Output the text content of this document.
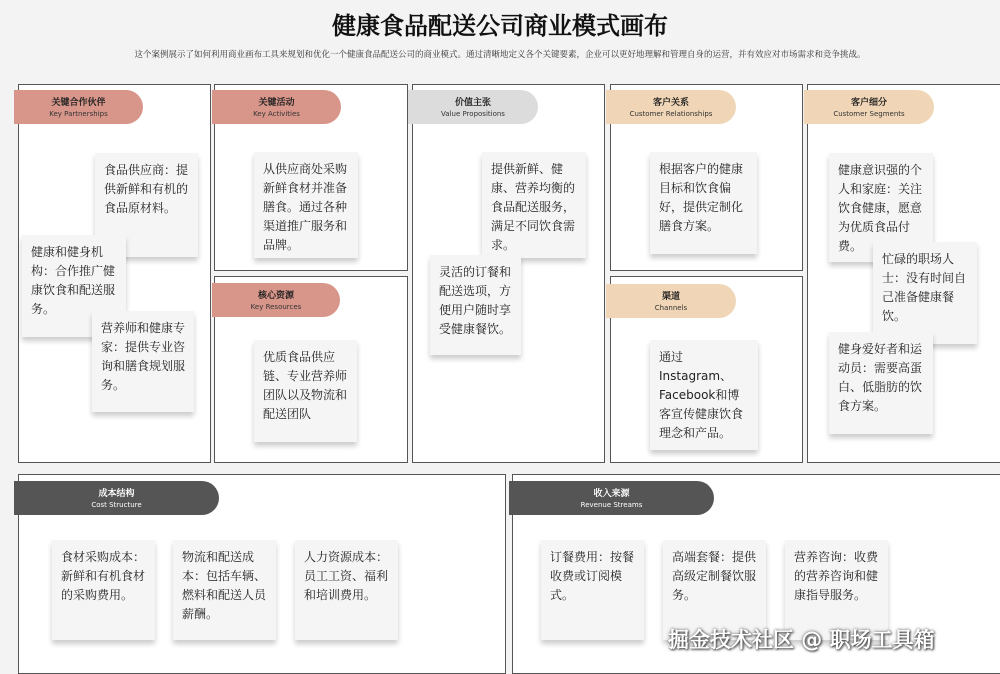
健康食品配送公司商业模式画布
这个案例展示了如何利用商业画布工具来规划和优化一个健康食品配送公司的商业模式。通过清晰地定义各个关键要素，企业可以更好地理解和管理自身的运营，并有效应对市场需求和竞争挑战。
关键合作伙伴
Key Partnerships
关键活动
Key Activities
核心资源
Key Resources
价值主张
Value Propositions
客户关系
Customer Relationships
渠道
Channels
客户细分
Customer Segments
成本结构
Cost Structure
收入来源
Revenue Streams
食品供应商：提供新鲜和有机的食品原材料。
健康和健身机构：合作推广健康饮食和配送服务。
营养师和健康专家：提供专业咨询和膳食规划服务。
从供应商处采购新鲜食材并准备膳食。通过各种渠道推广服务和品牌。
优质食品供应链、专业营养师团队以及物流和配送团队
提供新鲜、健康、营养均衡的食品配送服务，满足不同饮食需求。
灵活的订餐和配送选项，方便用户随时享受健康餐饮。
根据客户的健康目标和饮食偏好，提供定制化膳食方案。
通过Instagram、Facebook和博客宣传健康饮食理念和产品。
健康意识强的个人和家庭：关注饮食健康，愿意为优质食品付费。
忙碌的职场人士：没有时间自己准备健康餐饮。
健身爱好者和运动员：需要高蛋白、低脂肪的饮食方案。
食材采购成本：新鲜和有机食材的采购费用。
物流和配送成本：包括车辆、燃料和配送人员薪酬。
人力资源成本：员工工资、福利和培训费用。
订餐费用：按餐收费或订阅模式。
高端套餐：提供高级定制餐饮服务。
营养咨询：收费的营养咨询和健康指导服务。
掘金技术社区 @ 职场工具箱
